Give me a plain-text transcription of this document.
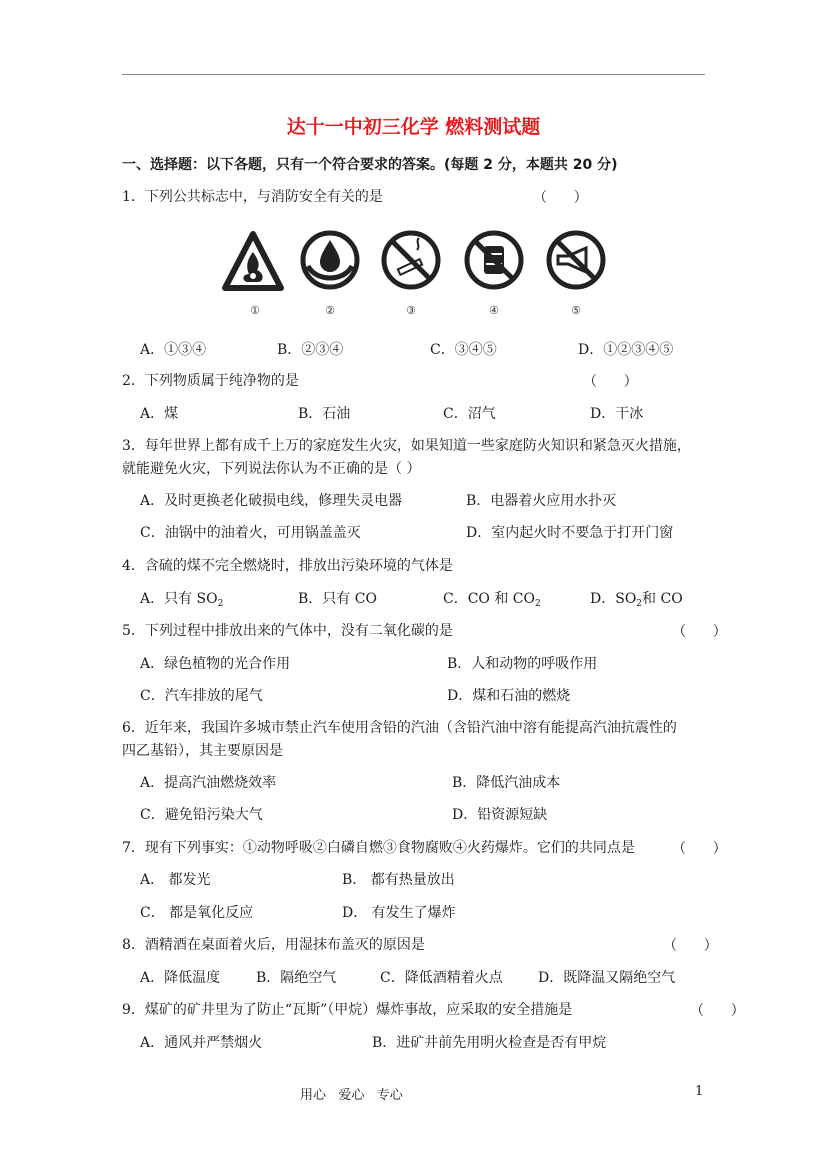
达十一中初三化学 燃料测试题
一、选择题：以下各题，只有一个符合要求的答案。(每题 2 分，本题共 20 分)
1．下列公共标志中，与消防安全有关的是	（      ）
①	②	③	④	⑤
A．①③④	B．②③④	C．③④⑤	D．①②③④⑤
2．下列物质属于纯净物的是	（      ）
A．煤	B．石油	C．沼气	D．干冰
3．每年世界上都有成千上万的家庭发生火灾，如果知道一些家庭防火知识和紧急灭火措施，
就能避免火灾，下列说法你认为不正确的是（ ）
A．及时更换老化破损电线，修理失灵电器	B．电器着火应用水扑灭
C．油锅中的油着火，可用锅盖盖灭	D．室内起火时不要急于打开门窗
4．含硫的煤不完全燃烧时，排放出污染环境的气体是
A．只有 $SO_2$	B．只有 CO	C．CO 和 $CO_2$	D．$SO_2$和 CO
5．下列过程中排放出来的气体中，没有二氧化碳的是	（      ）
A．绿色植物的光合作用	B．人和动物的呼吸作用
C．汽车排放的尾气	D．煤和石油的燃烧
6．近年来，我国许多城市禁止汽车使用含铅的汽油（含铅汽油中溶有能提高汽油抗震性的
四乙基铅），其主要原因是
A．提高汽油燃烧效率	B．降低汽油成本
C．避免铅污染大气	D．铅资源短缺
7．现有下列事实：①动物呼吸②白磷自燃③食物腐败④火药爆炸。它们的共同点是	（      ）
A． 都发光	B． 都有热量放出
C． 都是氧化反应	D． 有发生了爆炸
8．酒精酒在桌面着火后，用湿抹布盖灭的原因是	（      ）
A．降低温度	B．隔绝空气	C．降低酒精着火点	D．既降温又隔绝空气
9．煤矿的矿井里为了防止“瓦斯”（甲烷）爆炸事故，应采取的安全措施是	（      ）
A．通风并严禁烟火	B．进矿井前先用明火检查是否有甲烷
用心   爱心   专心	1
